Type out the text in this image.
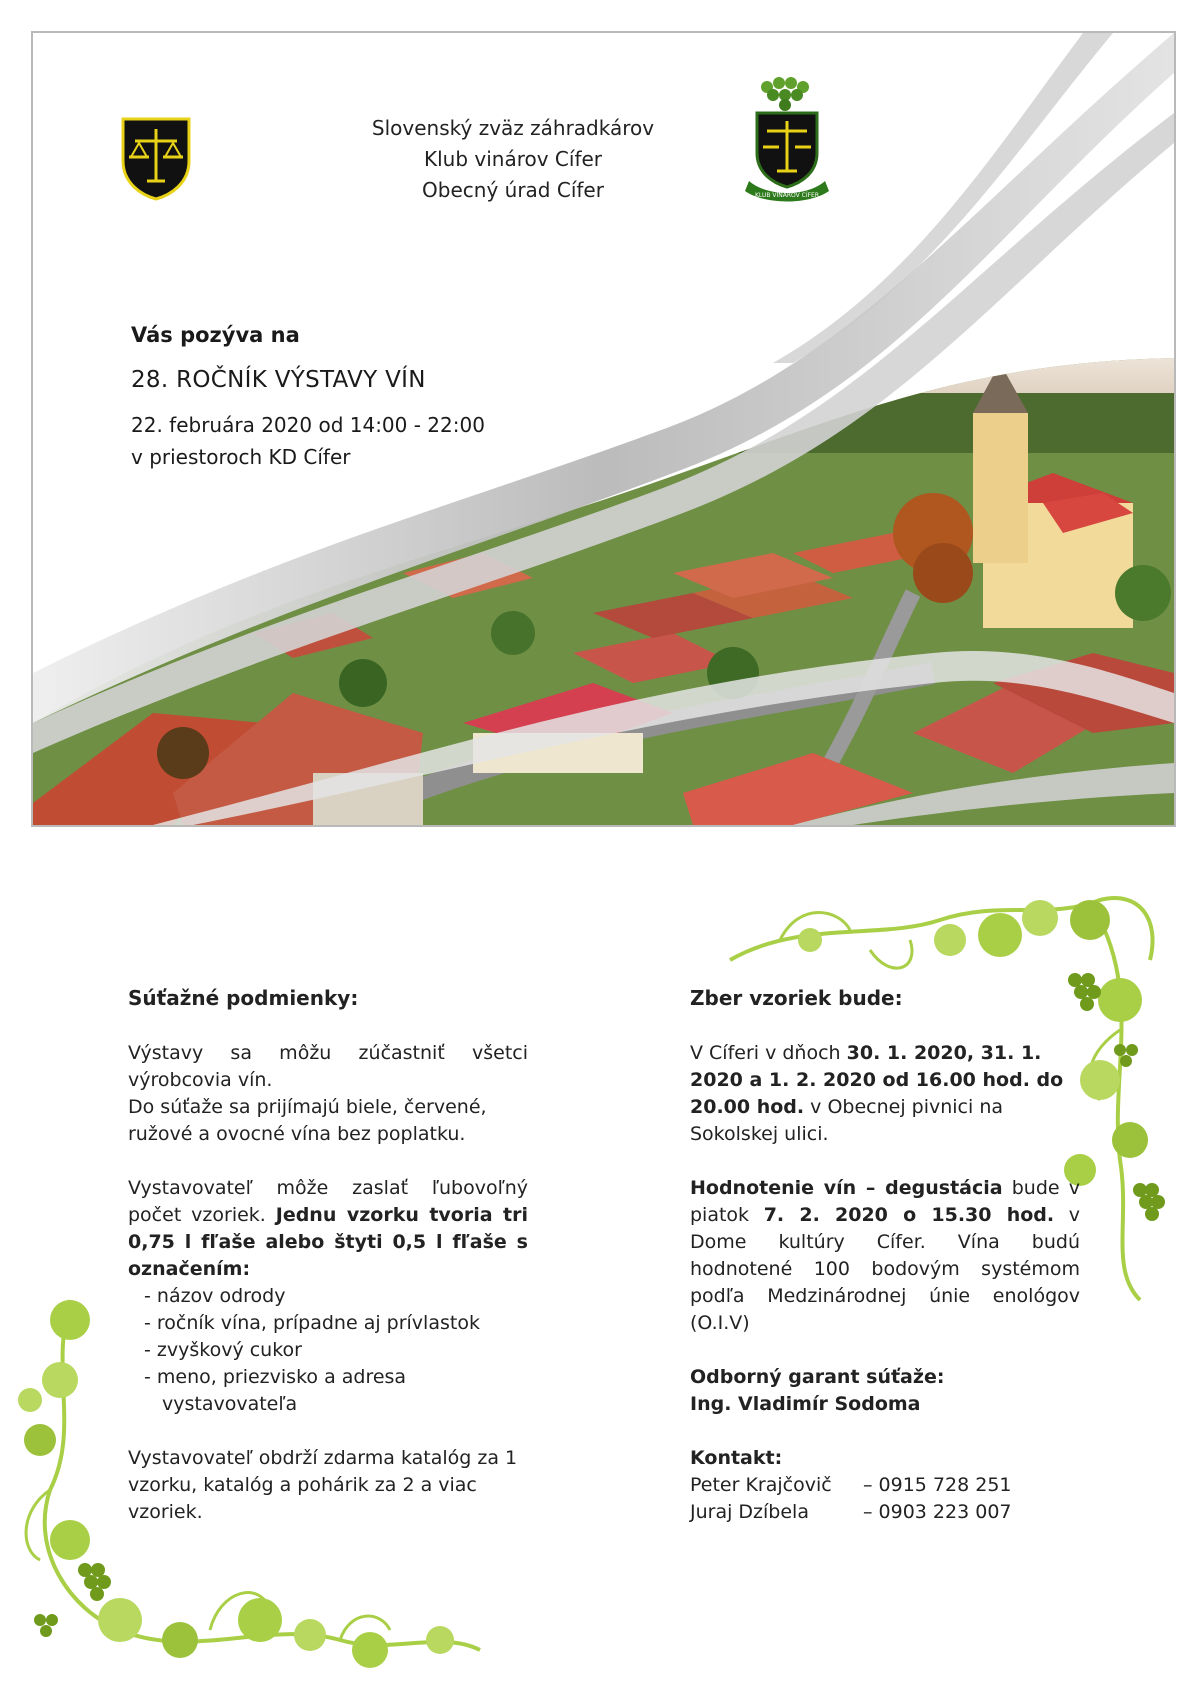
Slovenský zväz záhradkárov
Klub vinárov Cífer
Obecný úrad Cífer	KLUB VINÁROV CÍFER
Vás pozýva na
28. ROČNÍK VÝSTAVY VÍN
22. februára 2020 od 14:00 - 22:00
v priestoroch KD Cífer
Súťažné podmienky:

Výstavy sa môžu zúčastniť všetci výrobcovia vín.

Do súťaže sa prijímajú biele, červené, ružové a ovocné vína bez poplatku.

Vystavovateľ môže zaslať ľubovoľný počet vzoriek. Jednu vzorku tvoria tri 0,75 l fľaše alebo štyti 0,5 l fľaše s označením:

- názov odrody
- ročník vína, prípadne aj prívlastok
- zvyškový cukor
- meno, priezvisko a adresa vystavovateľa

Vystavovateľ obdrží zdarma katalóg za 1 vzorku, katalóg a pohárik za 2 a viac vzoriek.

Zber vzoriek bude:

V Cíferi v dňoch 30. 1. 2020, 31. 1. 2020 a 1. 2. 2020 od 16.00 hod. do 20.00 hod. v Obecnej pivnici na Sokolskej ulici.

Hodnotenie vín – degustácia bude v piatok 7. 2. 2020 o 15.30 hod. v Dome kultúry Cífer. Vína budú hodnotené 100 bodovým systémom podľa Medzinárodnej únie enológov (O.I.V)

Odborný garant súťaže:

Ing. Vladimír Sodoma

Kontakt:

Peter Krajčovič	– 0915 728 251
Juraj Dzíbela	– 0903 223 007
